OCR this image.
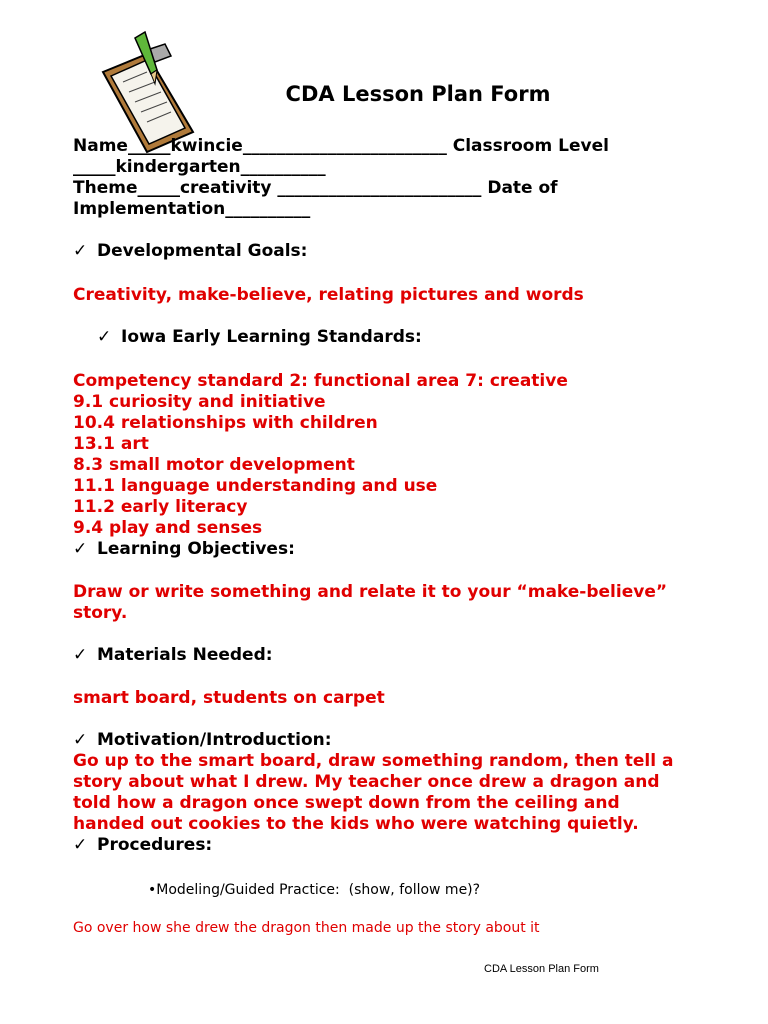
CDA Lesson Plan Form
Name_____kwincie________________________ Classroom Level
_____kindergarten__________
Theme_____creativity ________________________ Date of
Implementation__________
✓ Developmental Goals:
Creativity, make-believe, relating pictures and words
✓ Iowa Early Learning Standards:
Competency standard 2: functional area 7: creative
9.1 curiosity and initiative
10.4 relationships with children
13.1 art
8.3 small motor development
11.1 language understanding and use
11.2 early literacy
9.4 play and senses
✓ Learning Objectives:
Draw or write something and relate it to your “make-believe”
story.
✓ Materials Needed:
smart board, students on carpet
✓ Motivation/Introduction:
Go up to the smart board, draw something random, then tell a
story about what I drew. My teacher once drew a dragon and
told how a dragon once swept down from the ceiling and
handed out cookies to the kids who were watching quietly.
✓ Procedures:
•Modeling/Guided Practice:  (show, follow me)?
Go over how she drew the dragon then made up the story about it
CDA Lesson Plan Form
